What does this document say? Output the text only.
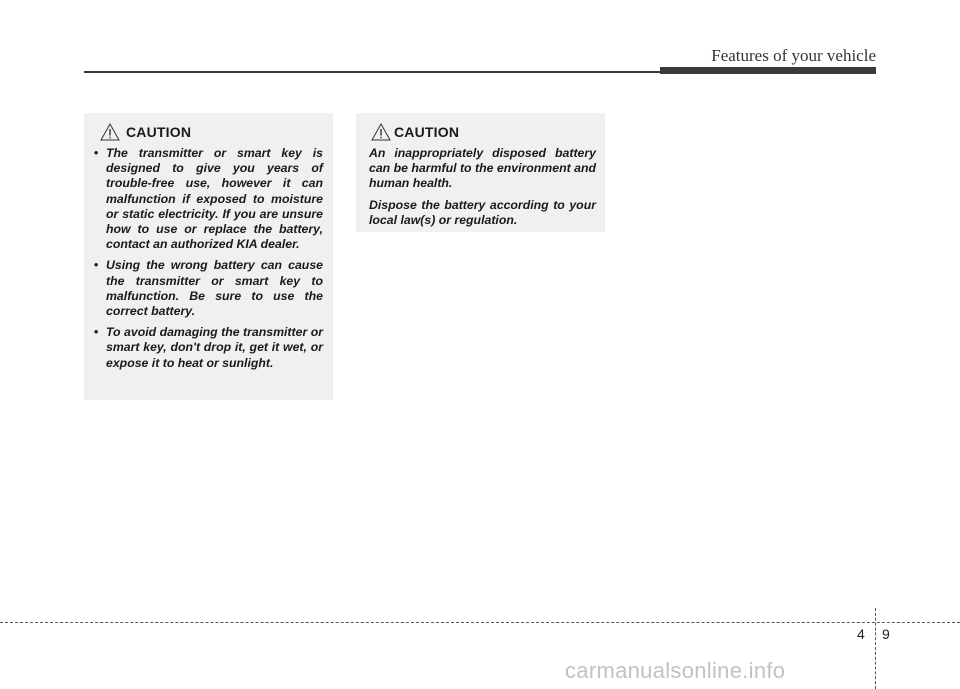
Features of your vehicle
CAUTION
• The transmitter or smart key is designed to give you years of trouble-free use, however it can malfunction if exposed to moisture or static electricity. If you are unsure how to use or replace the battery, contact an authorized KIA dealer.
• Using the wrong battery can cause the transmitter or smart key to malfunction. Be sure to use the correct battery.
• To avoid damaging the transmitter or smart key, don't drop it, get it wet, or expose it to heat or sunlight.
CAUTION

An inappropriately disposed battery can be harmful to the environment and human health.

Dispose the battery according to your local law(s) or regulation.

4 9
carmanualsonline.info
